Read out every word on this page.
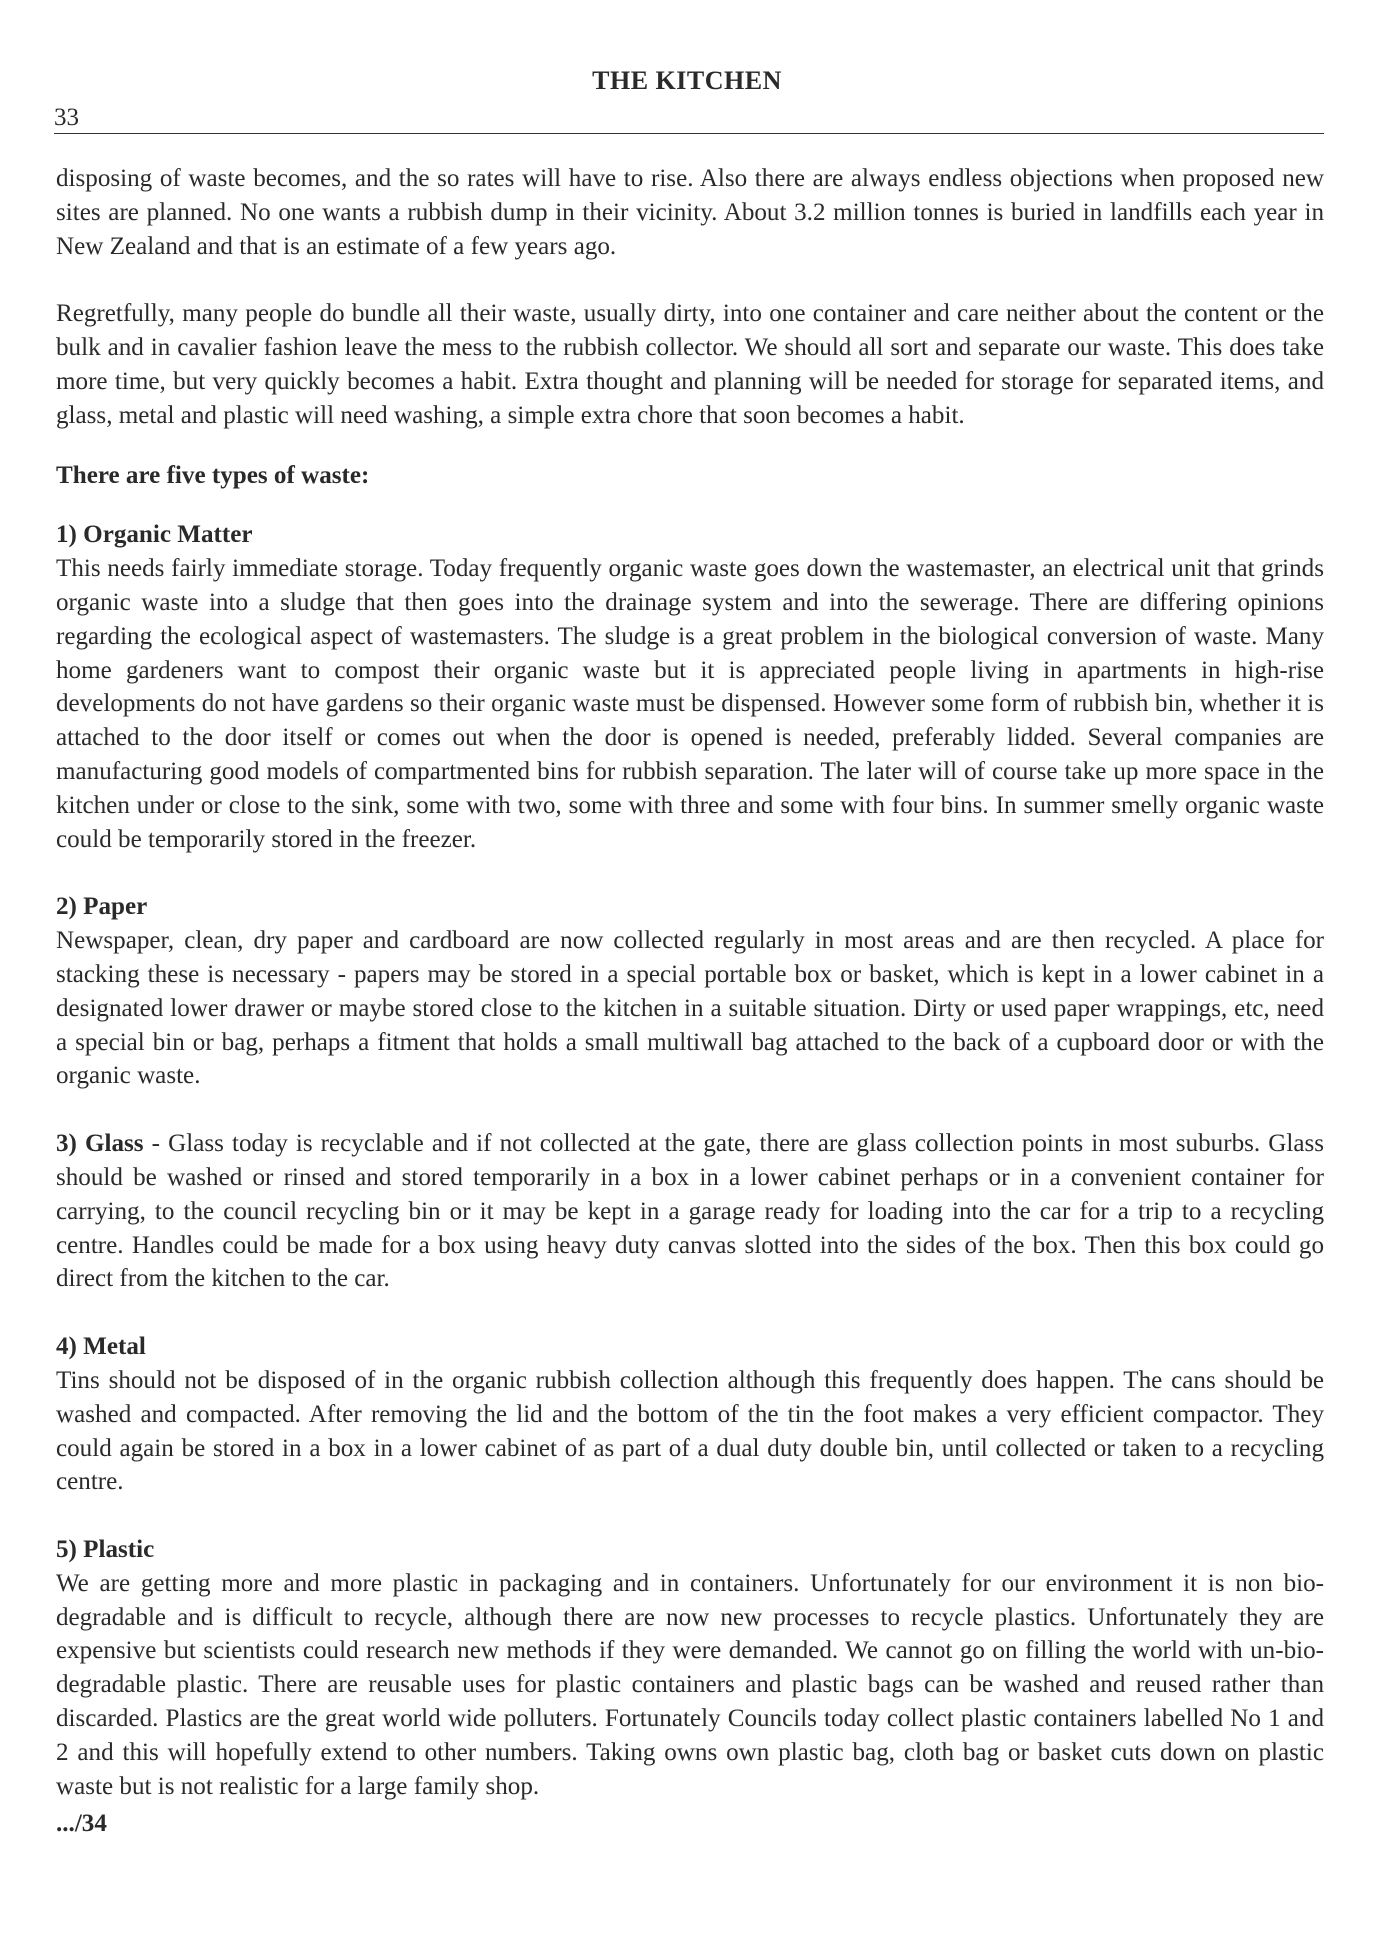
THE KITCHEN
33

disposing of waste becomes, and the so rates will have to rise. Also there are always endless objections when proposed new sites are planned. No one wants a rubbish dump in their vicinity. About 3.2 million tonnes is buried in landfills each year in New Zealand and that is an estimate of a few years ago.

Regretfully, many people do bundle all their waste, usually dirty, into one container and care neither about the content or the bulk and in cavalier fashion leave the mess to the rubbish collector. We should all sort and separate our waste. This does take more time, but very quickly becomes a habit. Extra thought and planning will be needed for storage for separated items, and glass, metal and plastic will need washing, a simple extra chore that soon becomes a habit.

There are five types of waste:

1) Organic Matter
This needs fairly immediate storage. Today frequently organic waste goes down the wastemaster, an electrical unit that grinds organic waste into a sludge that then goes into the drainage system and into the sewerage. There are differing opinions regarding the ecological aspect of wastemasters. The sludge is a great problem in the biological conversion of waste. Many home gardeners want to compost their organic waste but it is appreciated people living in apartments in high-rise developments do not have gardens so their organic waste must be dispensed. However some form of rubbish bin, whether it is attached to the door itself or comes out when the door is opened is needed, preferably lidded. Several companies are manufacturing good models of compartmented bins for rubbish separation. The later will of course take up more space in the kitchen under or close to the sink, some with two, some with three and some with four bins. In summer smelly organic waste could be temporarily stored in the freezer.
2) Paper
Newspaper, clean, dry paper and cardboard are now collected regularly in most areas and are then recycled. A place for stacking these is necessary - papers may be stored in a special portable box or basket, which is kept in a lower cabinet in a designated lower drawer or maybe stored close to the kitchen in a suitable situation. Dirty or used paper wrappings, etc, need a special bin or bag, perhaps a fitment that holds a small multiwall bag attached to the back of a cupboard door or with the organic waste.
3) Glass - Glass today is recyclable and if not collected at the gate, there are glass collection points in most suburbs. Glass should be washed or rinsed and stored temporarily in a box in a lower cabinet perhaps or in a convenient container for carrying, to the council recycling bin or it may be kept in a garage ready for loading into the car for a trip to a recycling centre. Handles could be made for a box using heavy duty canvas slotted into the sides of the box. Then this box could go direct from the kitchen to the car.
4) Metal
Tins should not be disposed of in the organic rubbish collection although this frequently does happen. The cans should be washed and compacted. After removing the lid and the bottom of the tin the foot makes a very efficient compactor. They could again be stored in a box in a lower cabinet of as part of a dual duty double bin, until collected or taken to a recycling centre.
5) Plastic
We are getting more and more plastic in packaging and in containers. Unfortunately for our environment it is non bio-degradable and is difficult to recycle, although there are now new processes to recycle plastics. Unfortunately they are expensive but scientists could research new methods if they were demanded. We cannot go on filling the world with un-bio-degradable plastic. There are reusable uses for plastic containers and plastic bags can be washed and reused rather than discarded. Plastics are the great world wide polluters. Fortunately Councils today collect plastic containers labelled No 1 and 2 and this will hopefully extend to other numbers. Taking owns own plastic bag, cloth bag or basket cuts down on plastic waste but is not realistic for a large family shop.

.../34
